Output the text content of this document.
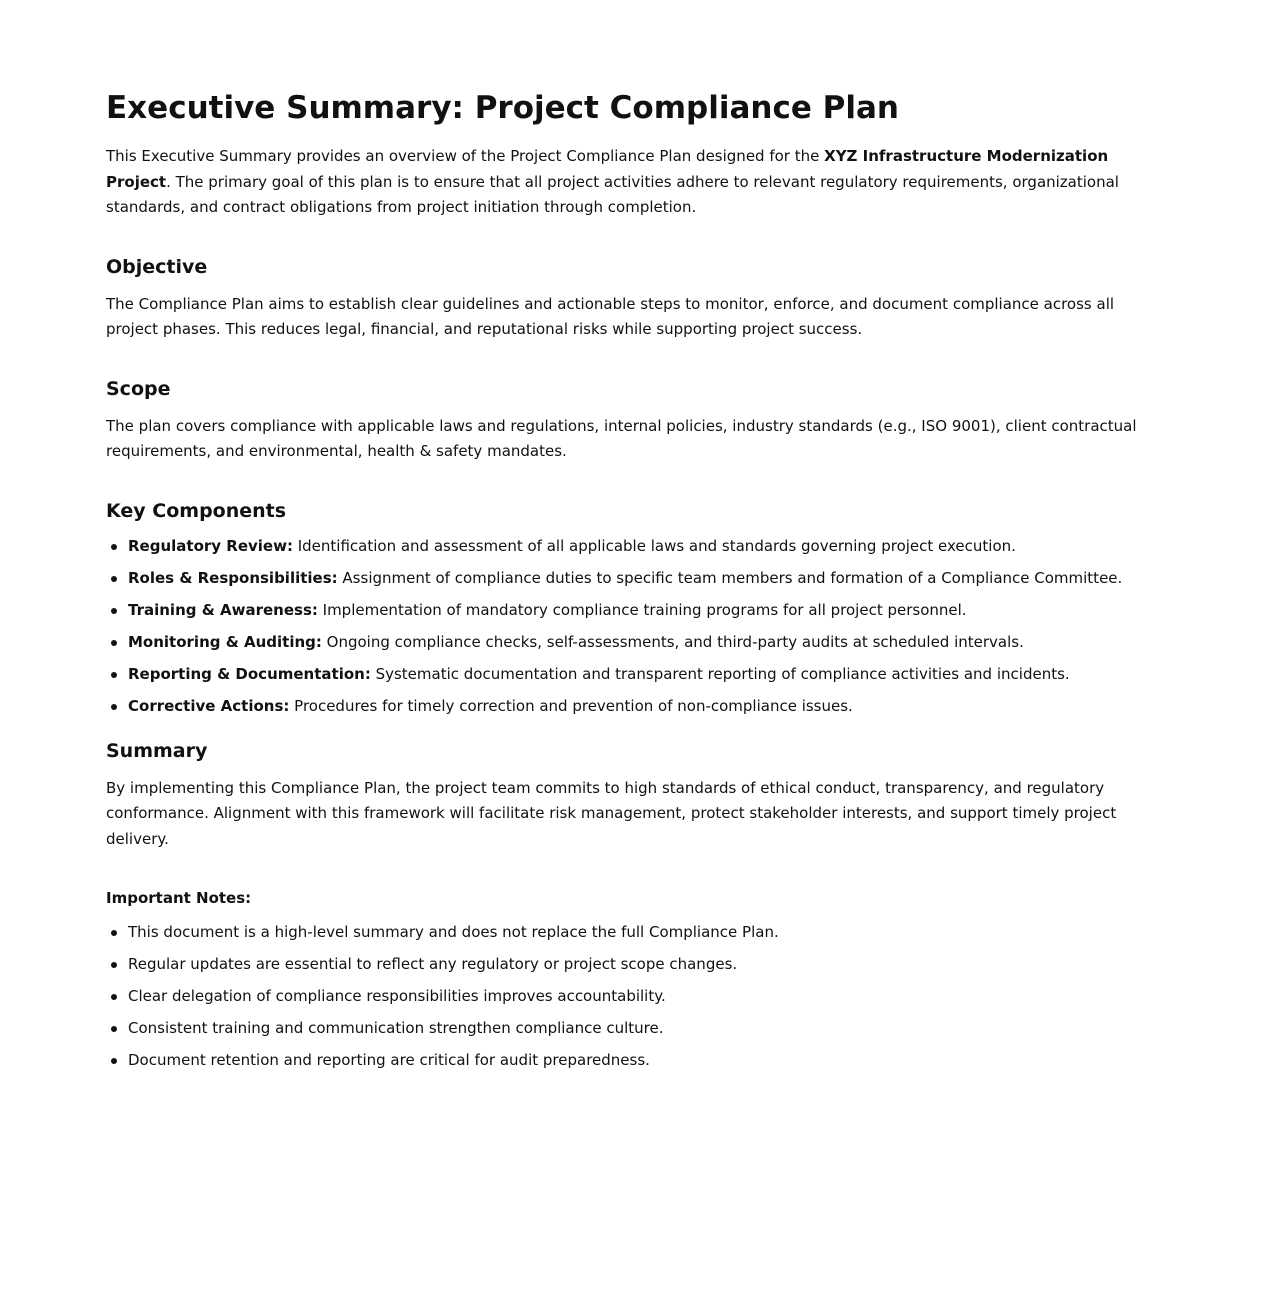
Executive Summary: Project Compliance Plan

This Executive Summary provides an overview of the Project Compliance Plan designed for the XYZ Infrastructure Modernization Project. The primary goal of this plan is to ensure that all project activities adhere to relevant regulatory requirements, organizational standards, and contract obligations from project initiation through completion.

Objective

The Compliance Plan aims to establish clear guidelines and actionable steps to monitor, enforce, and document compliance across all project phases. This reduces legal, financial, and reputational risks while supporting project success.

Scope

The plan covers compliance with applicable laws and regulations, internal policies, industry standards (e.g., ISO 9001), client contractual requirements, and environmental, health & safety mandates.

Key Components
Regulatory Review: Identification and assessment of all applicable laws and standards governing project execution.
Roles & Responsibilities: Assignment of compliance duties to specific team members and formation of a Compliance Committee.
Training & Awareness: Implementation of mandatory compliance training programs for all project personnel.
Monitoring & Auditing: Ongoing compliance checks, self-assessments, and third-party audits at scheduled intervals.
Reporting & Documentation: Systematic documentation and transparent reporting of compliance activities and incidents.
Corrective Actions: Procedures for timely correction and prevention of non-compliance issues.
Summary

By implementing this Compliance Plan, the project team commits to high standards of ethical conduct, transparency, and regulatory conformance. Alignment with this framework will facilitate risk management, protect stakeholder interests, and support timely project delivery.

Important Notes:

This document is a high-level summary and does not replace the full Compliance Plan.
Regular updates are essential to reflect any regulatory or project scope changes.
Clear delegation of compliance responsibilities improves accountability.
Consistent training and communication strengthen compliance culture.
Document retention and reporting are critical for audit preparedness.
